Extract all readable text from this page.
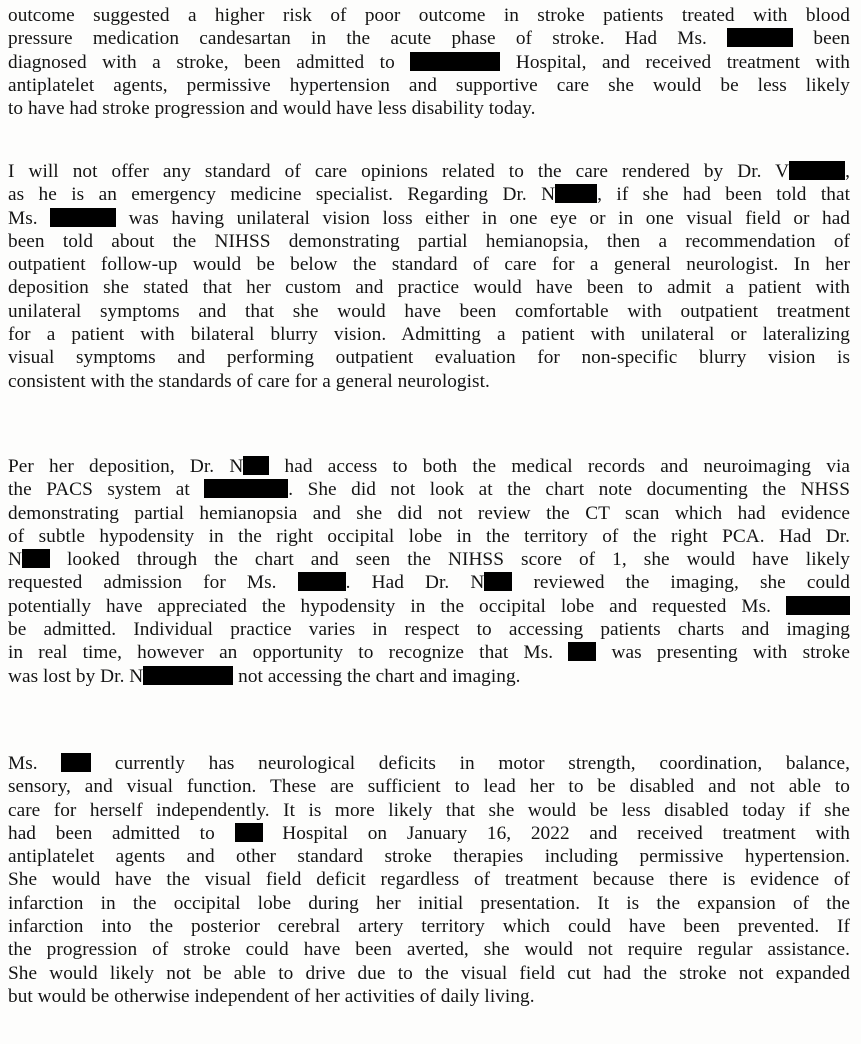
outcome suggested a higher risk of poor outcome in stroke patients treated with blood
pressure medication candesartan in the acute phase of stroke. Had Ms.	been
diagnosed with a stroke, been admitted to	Hospital, and received treatment with
antiplatelet agents, permissive hypertension and supportive care she would be less likely
to have had stroke progression and would have less disability today.
I will not offer any standard of care opinions related to the care rendered by Dr. V	,
as he is an emergency medicine specialist. Regarding Dr. N , if she had been told that
Ms.	was having unilateral vision loss either in one eye or in one visual field or had
been told about the NIHSS demonstrating partial hemianopsia, then a recommendation of
outpatient follow-up would be below the standard of care for a general neurologist. In her
deposition she stated that her custom and practice would have been to admit a patient with
unilateral symptoms and that she would have been comfortable with outpatient treatment
for a patient with bilateral blurry vision. Admitting a patient with unilateral or lateralizing
visual symptoms and performing outpatient evaluation for non-specific blurry vision is
consistent with the standards of care for a general neurologist.
Per her deposition, Dr. N had access to both the medical records and neuroimaging via
the PACS system at	. She did not look at the chart note documenting the NHSS
demonstrating partial hemianopsia and she did not review the CT scan which had evidence
of subtle hypodensity in the right occipital lobe in the territory of the right PCA. Had Dr.
N looked through the chart and seen the NIHSS score of 1, she would have likely
requested admission for Ms. . Had Dr. N reviewed the imaging, she could
potentially have appreciated the hypodensity in the occipital lobe and requested Ms.
be admitted. Individual practice varies in respect to accessing patients charts and imaging
in real time, however an opportunity to recognize that Ms.  was presenting with stroke
was lost by Dr. N	not accessing the chart and imaging.
Ms.  currently has neurological deficits in motor strength, coordination, balance,
sensory, and visual function. These are sufficient to lead her to be disabled and not able to
care for herself independently. It is more likely that she would be less disabled today if she
had been admitted to  Hospital on January 16, 2022 and received treatment with
antiplatelet agents and other standard stroke therapies including permissive hypertension.
She would have the visual field deficit regardless of treatment because there is evidence of
infarction in the occipital lobe during her initial presentation. It is the expansion of the
infarction into the posterior cerebral artery territory which could have been prevented. If
the progression of stroke could have been averted, she would not require regular assistance.
She would likely not be able to drive due to the visual field cut had the stroke not expanded
but would be otherwise independent of her activities of daily living.
